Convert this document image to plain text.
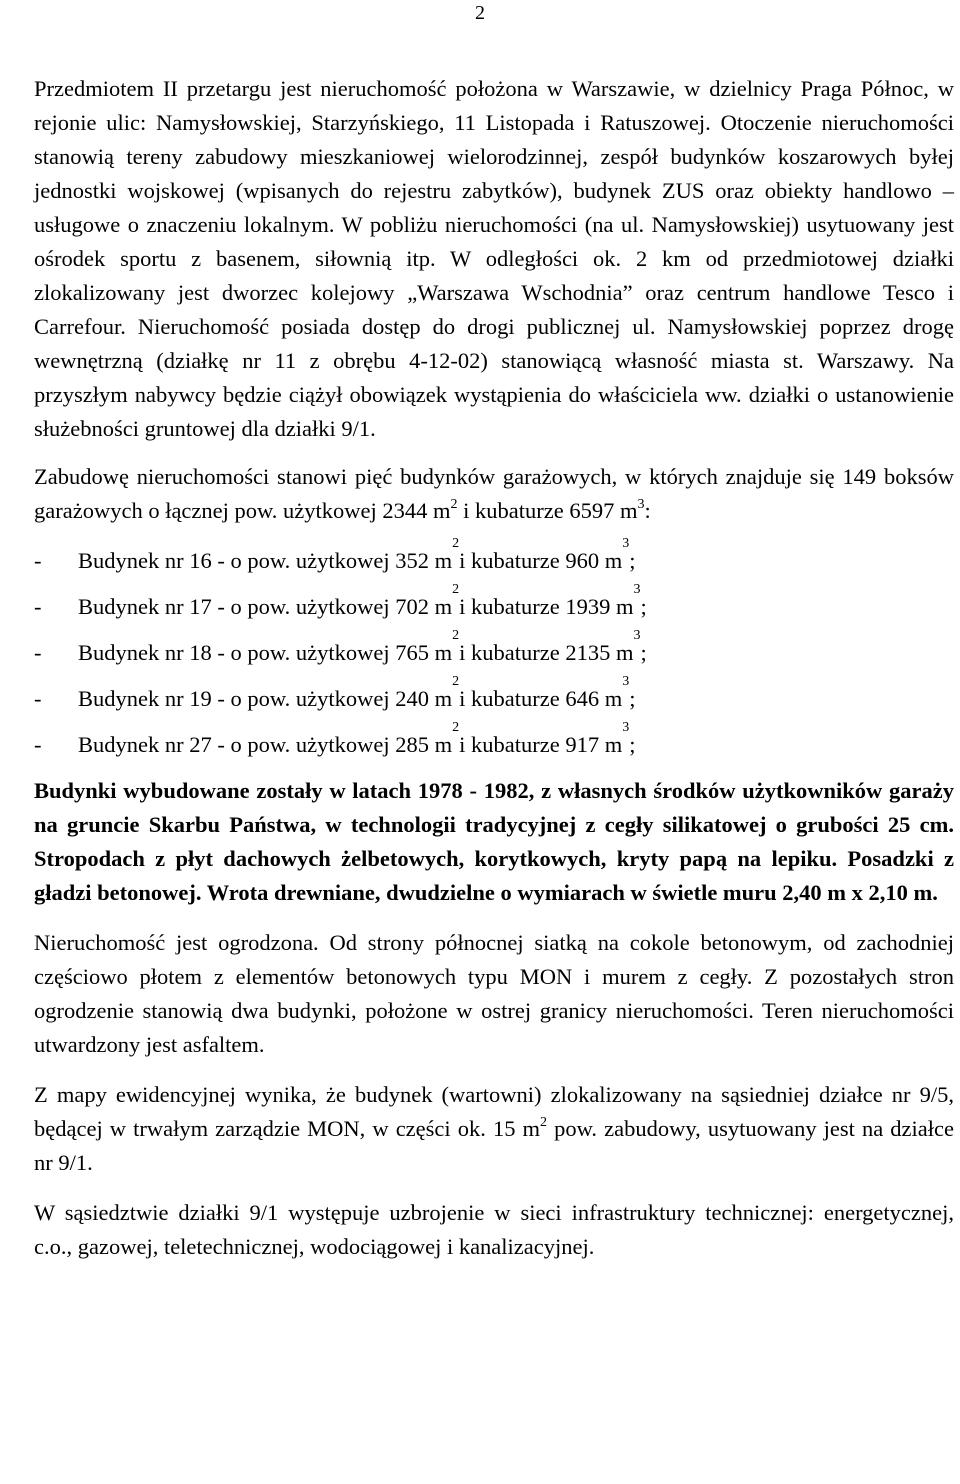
2

Przedmiotem II przetargu jest nieruchomość położona w Warszawie, w dzielnicy Praga Północ, w rejonie ulic: Namysłowskiej, Starzyńskiego, 11 Listopada i Ratuszowej. Otoczenie nieruchomości stanowią tereny zabudowy mieszkaniowej wielorodzinnej, zespół budynków koszarowych byłej jednostki wojskowej (wpisanych do rejestru zabytków), budynek ZUS oraz obiekty handlowo – usługowe o znaczeniu lokalnym. W pobliżu nieruchomości (na ul. Namysłowskiej) usytuowany jest ośrodek sportu z basenem, siłownią itp. W odległości ok. 2 km od przedmiotowej działki zlokalizowany jest dworzec kolejowy „Warszawa Wschodnia” oraz centrum handlowe Tesco i Carrefour. Nieruchomość posiada dostęp do drogi publicznej ul. Namysłowskiej poprzez drogę wewnętrzną (działkę nr 11 z obrębu 4-12-02) stanowiącą własność miasta st. Warszawy. Na przyszłym nabywcy będzie ciążył obowiązek wystąpienia do właściciela ww. działki o ustanowienie służebności gruntowej dla działki 9/1.

Zabudowę nieruchomości stanowi pięć budynków garażowych, w których znajduje się 149 boksów garażowych o łącznej pow. użytkowej 2344 $m^2$ i kubaturze 6597 $m^3$:

-	Budynek nr 16 - o pow. użytkowej 352 m
2
i kubaturze 960 m
3
;
-	Budynek nr 17 - o pow. użytkowej 702 m
2
i kubaturze 1939 m
3
;
-	Budynek nr 18 - o pow. użytkowej 765 m
2
i kubaturze 2135 m
3
;
-	Budynek nr 19 - o pow. użytkowej 240 m
2
i kubaturze 646 m
3
;
-	Budynek nr 27 - o pow. użytkowej 285 m
2
i kubaturze 917 m
3
;

Budynki wybudowane zostały w latach 1978 - 1982, z własnych środków użytkowników garaży na gruncie Skarbu Państwa, w technologii tradycyjnej z cegły silikatowej o grubości 25 cm. Stropodach z płyt dachowych żelbetowych, korytkowych, kryty papą na lepiku. Posadzki z gładzi betonowej. Wrota drewniane, dwudzielne o wymiarach w świetle muru 2,40 m x 2,10 m.

Nieruchomość jest ogrodzona. Od strony północnej siatką na cokole betonowym, od zachodniej częściowo płotem z elementów betonowych typu MON i murem z cegły. Z pozostałych stron ogrodzenie stanowią dwa budynki, położone w ostrej granicy nieruchomości. Teren nieruchomości utwardzony jest asfaltem.

Z mapy ewidencyjnej wynika, że budynek (wartowni) zlokalizowany na sąsiedniej działce nr 9/5, będącej w trwałym zarządzie MON, w części ok. 15 $m^2$ pow. zabudowy, usytuowany jest na działce nr 9/1.

W sąsiedztwie działki 9/1 występuje uzbrojenie w sieci infrastruktury technicznej: energetycznej, c.o., gazowej, teletechnicznej, wodociągowej i kanalizacyjnej.
